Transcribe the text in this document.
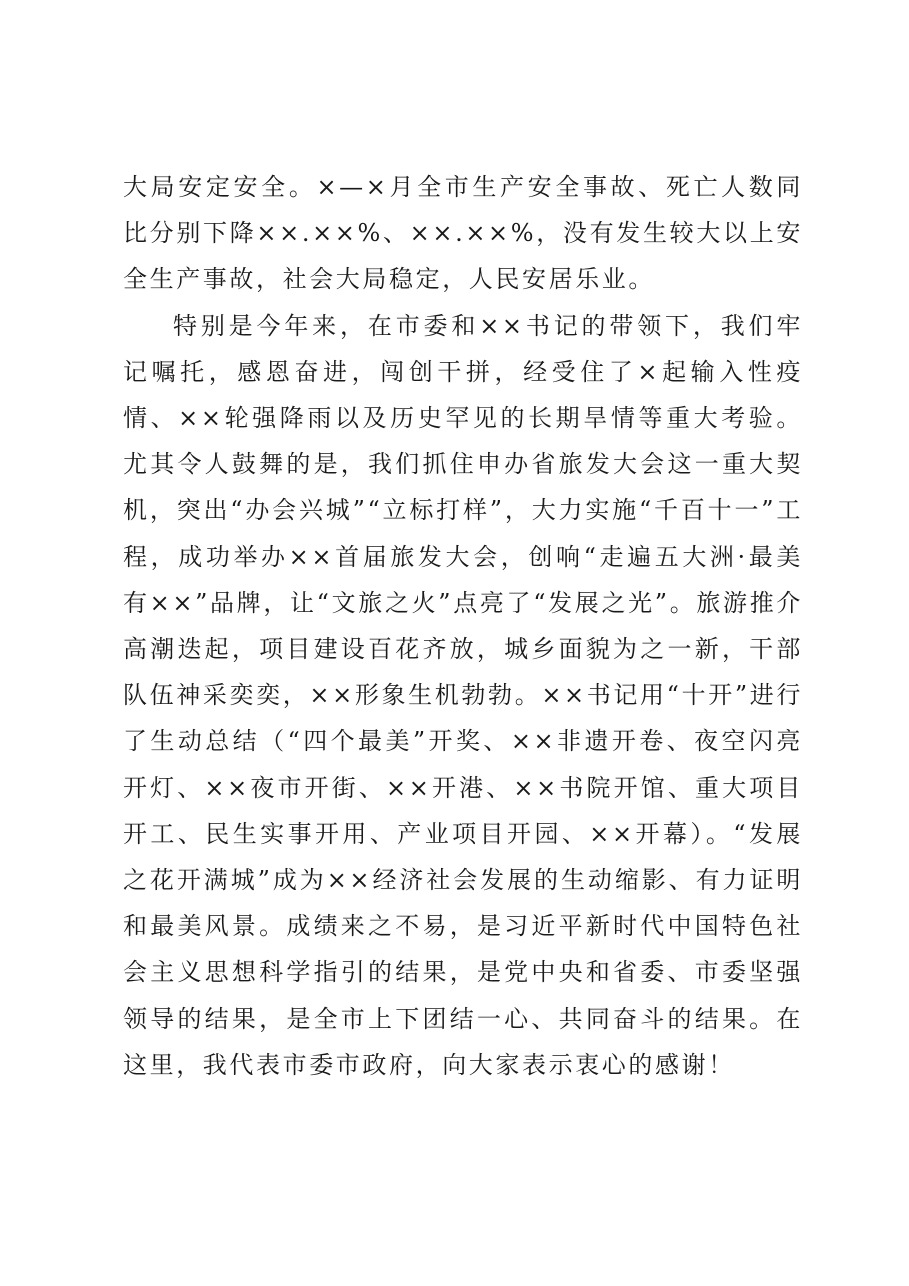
大局安定安全。×—×月全市生产安全事故、死亡人数同比分别下降××.××%、××.××%，没有发生较大以上安全生产事故，社会大局稳定，人民安居乐业。

特别是今年来，在市委和××书记的带领下，我们牢记嘱托，感恩奋进，闯创干拼，经受住了×起输入性疫情、××轮强降雨以及历史罕见的长期旱情等重大考验。尤其令人鼓舞的是，我们抓住申办省旅发大会这一重大契机，突出“办会兴城”“立标打样”，大力实施“千百十一”工程，成功举办××首届旅发大会，创响“走遍五大洲·最美有××”品牌，让“文旅之火”点亮了“发展之光”。旅游推介高潮迭起，项目建设百花齐放，城乡面貌为之一新，干部队伍神采奕奕，××形象生机勃勃。××书记用“十开”进行了生动总结（“四个最美”开奖、××非遗开卷、夜空闪亮开灯、××夜市开街、××开港、××书院开馆、重大项目开工、民生实事开用、产业项目开园、××开幕）。“发展之花开满城”成为××经济社会发展的生动缩影、有力证明和最美风景。成绩来之不易，是习近平新时代中国特色社会主义思想科学指引的结果，是党中央和省委、市委坚强领导的结果，是全市上下团结一心、共同奋斗的结果。在这里，我代表市委市政府，向大家表示衷心的感谢！
